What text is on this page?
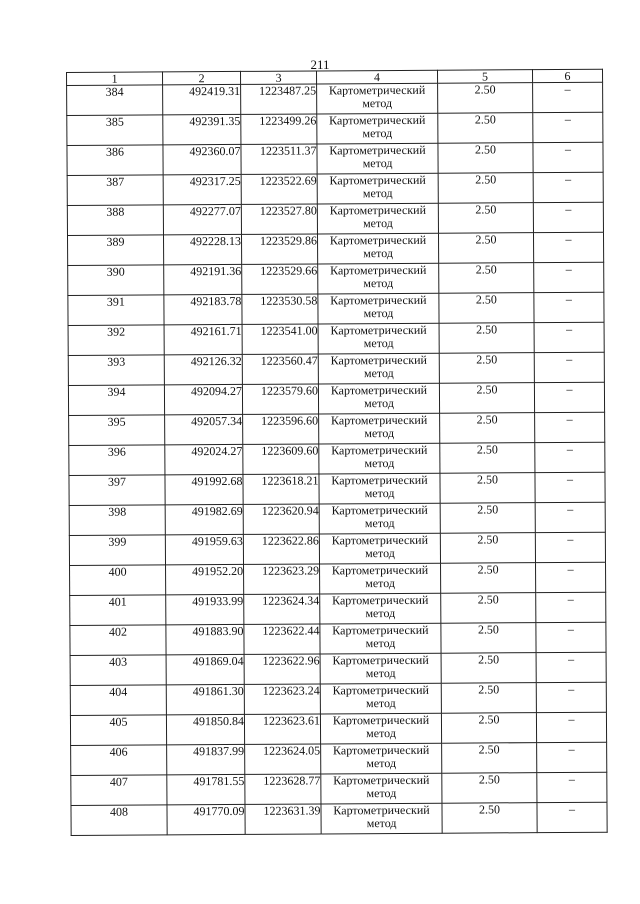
211
1	2	3	4	5	6
384	492419.31	1223487.25	Картометрический метод	2.50	–
385	492391.35	1223499.26	Картометрический метод	2.50	–
386	492360.07	1223511.37	Картометрический метод	2.50	–
387	492317.25	1223522.69	Картометрический метод	2.50	–
388	492277.07	1223527.80	Картометрический метод	2.50	–
389	492228.13	1223529.86	Картометрический метод	2.50	–
390	492191.36	1223529.66	Картометрический метод	2.50	–
391	492183.78	1223530.58	Картометрический метод	2.50	–
392	492161.71	1223541.00	Картометрический метод	2.50	–
393	492126.32	1223560.47	Картометрический метод	2.50	–
394	492094.27	1223579.60	Картометрический метод	2.50	–
395	492057.34	1223596.60	Картометрический метод	2.50	–
396	492024.27	1223609.60	Картометрический метод	2.50	–
397	491992.68	1223618.21	Картометрический метод	2.50	–
398	491982.69	1223620.94	Картометрический метод	2.50	–
399	491959.63	1223622.86	Картометрический метод	2.50	–
400	491952.20	1223623.29	Картометрический метод	2.50	–
401	491933.99	1223624.34	Картометрический метод	2.50	–
402	491883.90	1223622.44	Картометрический метод	2.50	–
403	491869.04	1223622.96	Картометрический метод	2.50	–
404	491861.30	1223623.24	Картометрический метод	2.50	–
405	491850.84	1223623.61	Картометрический метод	2.50	–
406	491837.99	1223624.05	Картометрический метод	2.50	–
407	491781.55	1223628.77	Картометрический метод	2.50	–
408	491770.09	1223631.39	Картометрический метод	2.50	–
